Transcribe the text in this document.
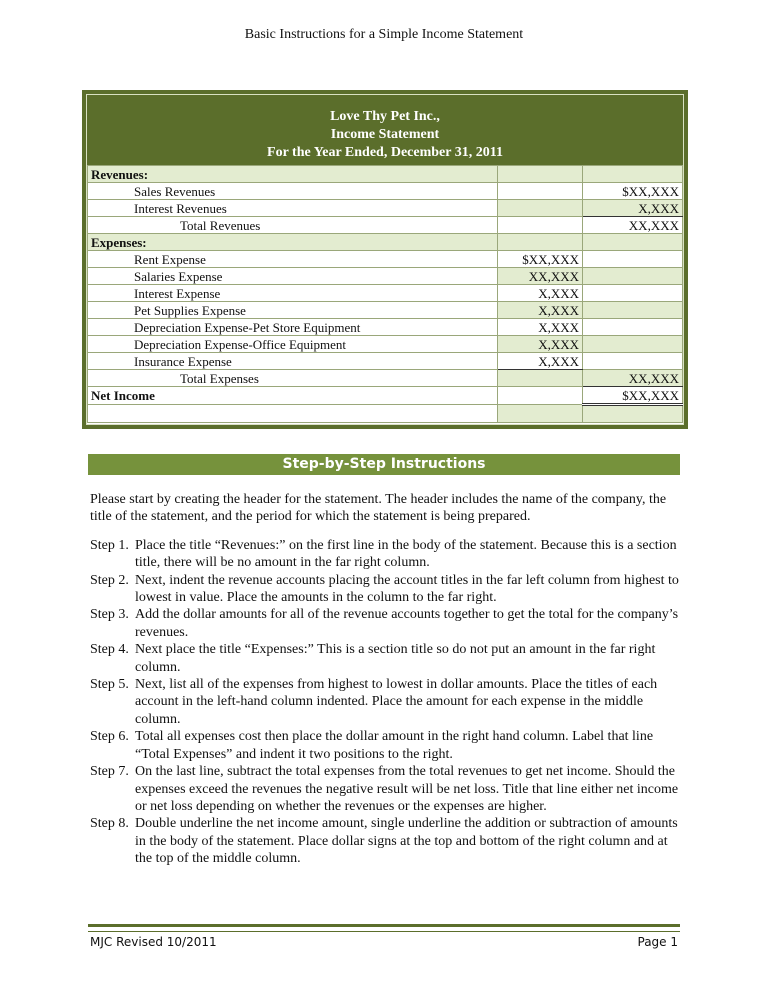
Basic Instructions for a Simple Income Statement
Love Thy Pet Inc.,
Income Statement
For the Year Ended, December 31, 2011
Revenues:		
Sales Revenues		$XX,XXX
Interest Revenues		X,XXX
Total Revenues		XX,XXX
Expenses:		
Rent Expense	$XX,XXX	
Salaries Expense	XX,XXX	
Interest Expense	X,XXX	
Pet Supplies Expense	X,XXX	
Depreciation Expense-Pet Store Equipment	X,XXX	
Depreciation Expense-Office Equipment	X,XXX	
Insurance Expense	X,XXX	
Total Expenses		XX,XXX
Net Income		$XX,XXX

Step-by-Step Instructions

Please start by creating the header for the statement. The header includes the name of the company, the title of the statement, and the period for which the statement is being prepared.

Step 1. Place the title “Revenues:” on the first line in the body of the statement. Because this is a section title, there will be no amount in the far right column.
Step 2. Next, indent the revenue accounts placing the account titles in the far left column from highest to lowest in value. Place the amounts in the column to the far right.
Step 3. Add the dollar amounts for all of the revenue accounts together to get the total for the company’s revenues.
Step 4. Next place the title “Expenses:” This is a section title so do not put an amount in the far right column.
Step 5. Next, list all of the expenses from highest to lowest in dollar amounts. Place the titles of each account in the left-hand column indented. Place the amount for each expense in the middle column.
Step 6. Total all expenses cost then place the dollar amount in the right hand column. Label that line “Total Expenses” and indent it two positions to the right.
Step 7. On the last line, subtract the total expenses from the total revenues to get net income. Should the expenses exceed the revenues the negative result will be net loss. Title that line either net income or net loss depending on whether the revenues or the expenses are higher.
Step 8. Double underline the net income amount, single underline the addition or subtraction of amounts in the body of the statement. Place dollar signs at the top and bottom of the right column and at the top of the middle column.
MJC Revised 10/2011	Page 1
